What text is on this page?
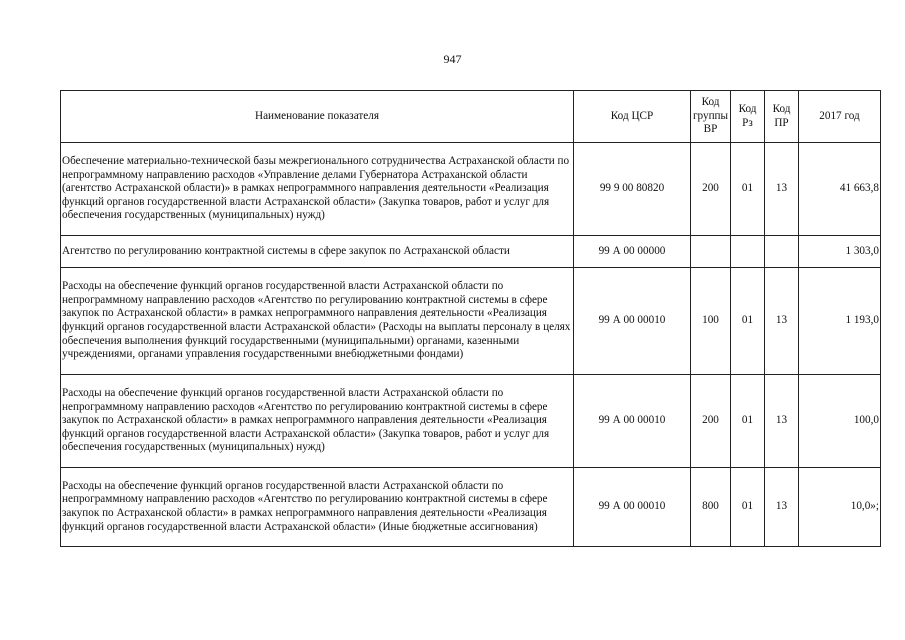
947
Наименование показателя	Код ЦСР	Код группы ВР	Код Рз	Код ПР	2017 год
Обеспечение материально-технической базы межрегионального сотрудничества Астраханской области по непрограммному направлению расходов «Управление делами Губернатора Астраханской области (агентство Астраханской области)» в рамках непрограммного направления деятельности «Реализация функций органов государственной власти Астраханской области» (Закупка товаров, работ и услуг для обеспечения государственных (муниципальных) нужд)	99 9 00 80820	200	01	13	41 663,8
Агентство по регулированию контрактной системы в сфере закупок по Астраханской области	99 А 00 00000				1 303,0
Расходы на обеспечение функций органов государственной власти Астраханской области по непрограммному направлению расходов «Агентство по регулированию контрактной системы в сфере закупок по Астраханской области» в рамках непрограммного направления деятельности «Реализация функций органов государственной власти Астраханской области» (Расходы на выплаты персоналу в целях обеспечения выполнения функций государственными (муниципальными) органами, казенными учреждениями, органами управления государственными внебюджетными фондами)	99 А 00 00010	100	01	13	1 193,0
Расходы на обеспечение функций органов государственной власти Астраханской области по непрограммному направлению расходов «Агентство по регулированию контрактной системы в сфере закупок по Астраханской области» в рамках непрограммного направления деятельности «Реализация функций органов государственной власти Астраханской области» (Закупка товаров, работ и услуг для обеспечения государственных (муниципальных) нужд)	99 А 00 00010	200	01	13	100,0
Расходы на обеспечение функций органов государственной власти Астраханской области по непрограммному направлению расходов «Агентство по регулированию контрактной системы в сфере закупок по Астраханской области» в рамках непрограммного направления деятельности «Реализация функций органов государственной власти Астраханской области» (Иные бюджетные ассигнования)	99 А 00 00010	800	01	13	10,0»;
